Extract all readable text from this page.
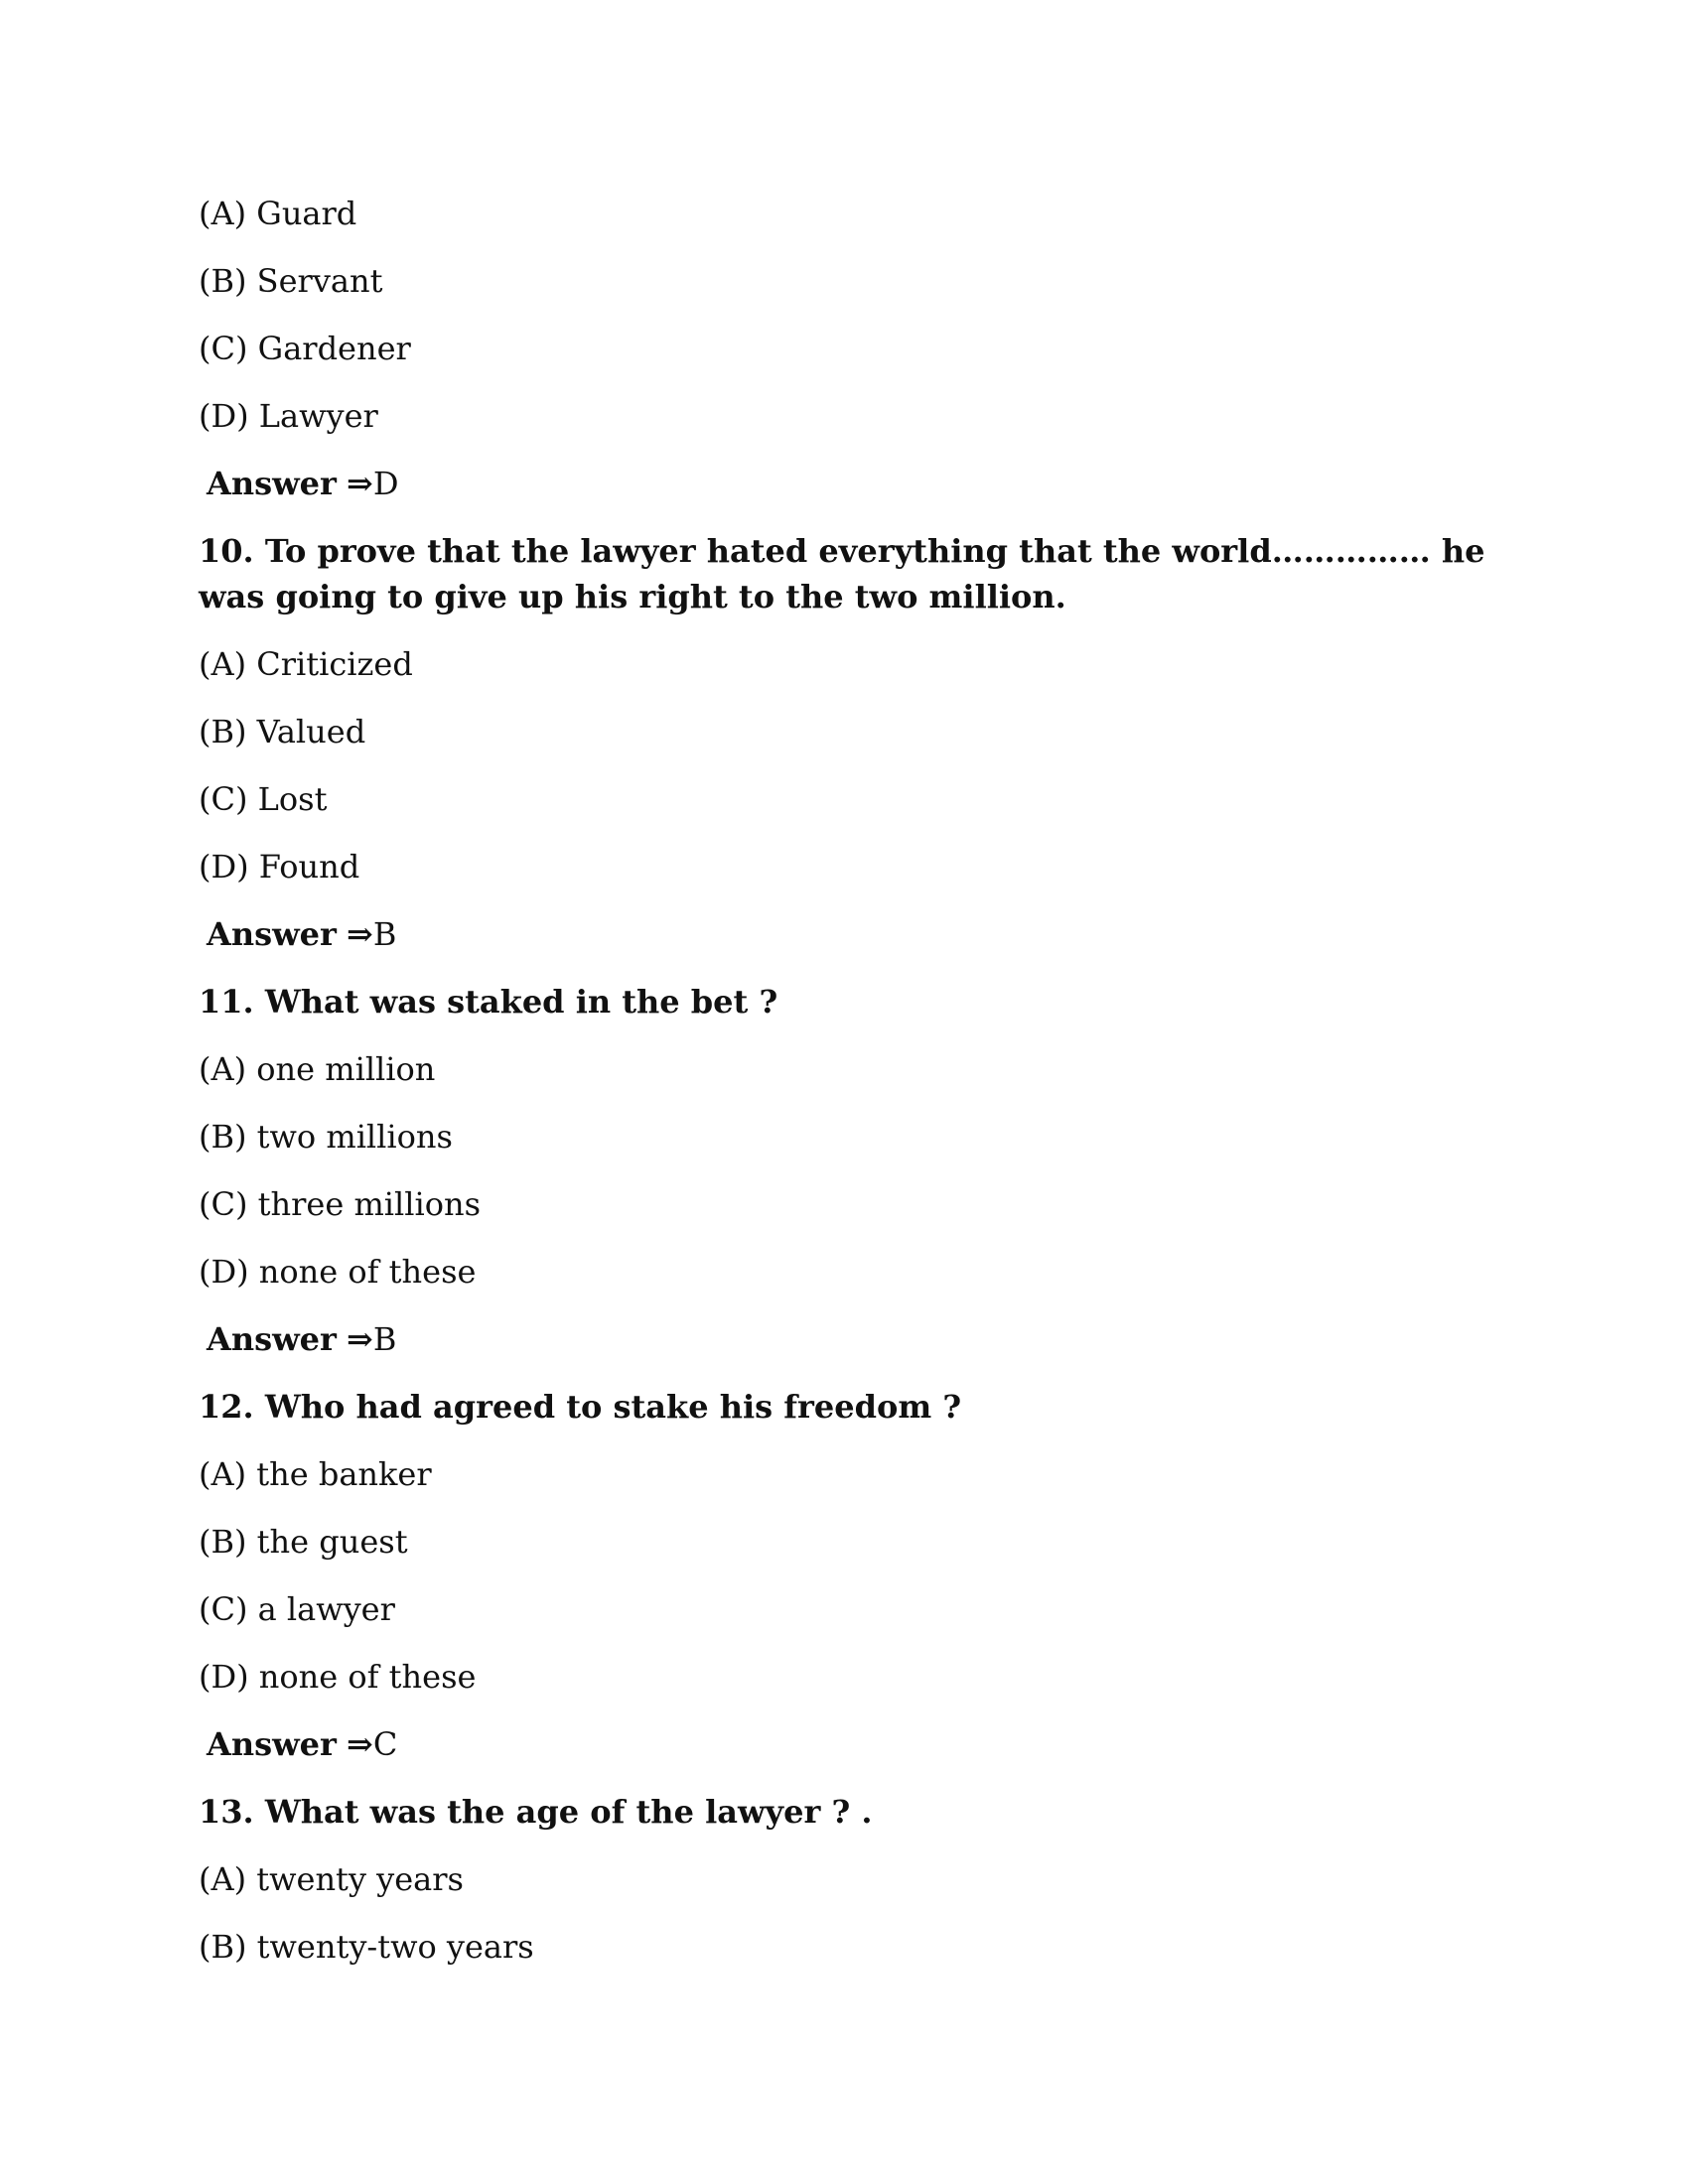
(A) Guard
(B) Servant
(C) Gardener
(D) Lawyer
Answer ⇒D
10. To prove that the lawyer hated everything that the world…………… he was going to give up his right to the two million.
(A) Criticized
(B) Valued
(C) Lost
(D) Found
Answer ⇒B
11. What was staked in the bet ?
(A) one million
(B) two millions
(C) three millions
(D) none of these
Answer ⇒B
12. Who had agreed to stake his freedom ?
(A) the banker
(B) the guest
(C) a lawyer
(D) none of these
Answer ⇒C
13. What was the age of the lawyer ? .
(A) twenty years
(B) twenty-two years
